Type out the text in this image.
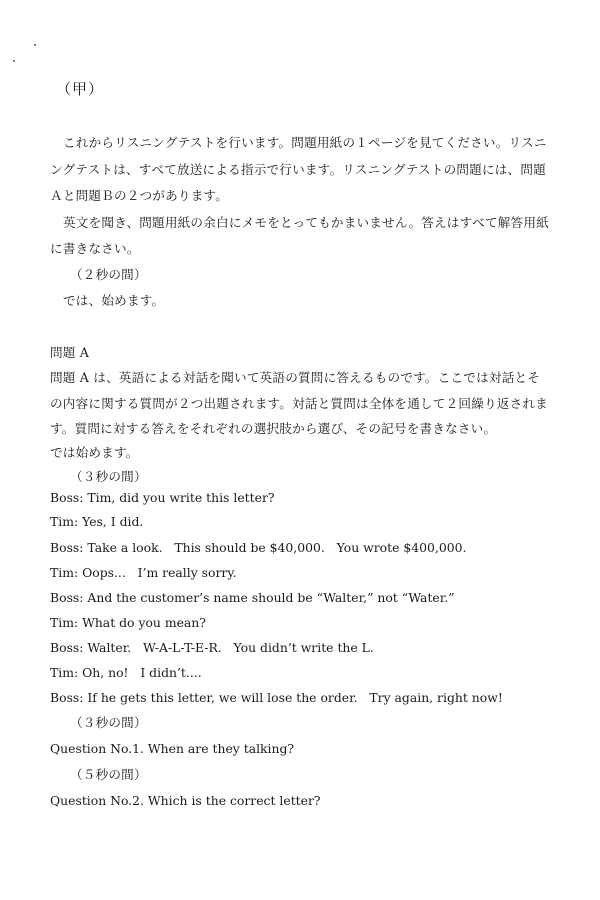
（甲）
これからリスニングテストを行います。問題用紙の１ページを見てください。リスニ
ングテストは、すべて放送による指示で行います。リスニングテストの問題には、問題
Ａと問題Ｂの２つがあります。
英文を聞き、問題用紙の余白にメモをとってもかまいません。答えはすべて解答用紙
に書きなさい。
（２秒の間）
では、始めます。
問題 A
問題 A は、英語による対話を聞いて英語の質問に答えるものです。ここでは対話とそ
の内容に関する質問が２つ出題されます。対話と質問は全体を通して２回繰り返されま
す。質問に対する答えをそれぞれの選択肢から選び、その記号を書きなさい。
では始めます。
（３秒の間）
Boss: Tim, did you write this letter?
Tim: Yes, I did.
Boss: Take a look.   This should be $40,000.   You wrote $400,000.
Tim: Oops...   I’m really sorry.
Boss: And the customer’s name should be “Walter,” not “Water.”
Tim: What do you mean?
Boss: Walter.   W-A-L-T-E-R.   You didn’t write the L.
Tim: Oh, no!   I didn’t....
Boss: If he gets this letter, we will lose the order.   Try again, right now!
（３秒の間）
Question No.1. When are they talking?
（５秒の間）
Question No.2. Which is the correct letter?
